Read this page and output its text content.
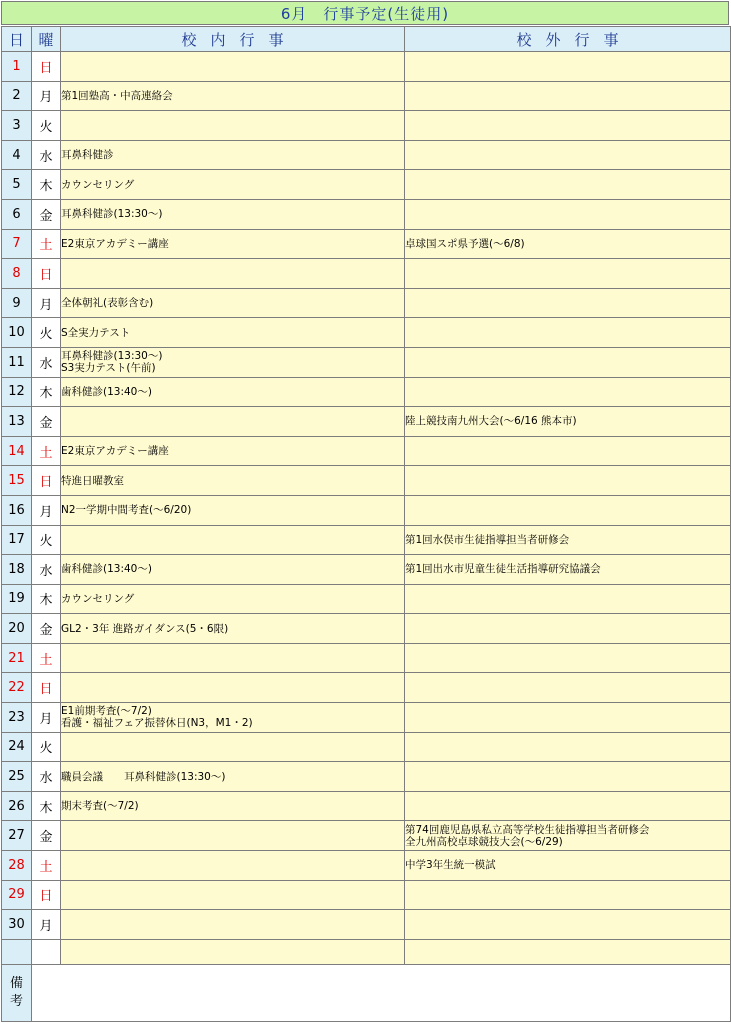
6月　行事予定(生徒用)
日	曜	校内行事	校外行事
1	日		
2	月	第1回塾高・中高連絡会	
3	火		
4	水	耳鼻科健診	
5	木	カウンセリング	
6	金	耳鼻科健診(13:30～)	
7	土	E2東京アカデミー講座	卓球国スポ県予選(～6/8)
8	日		
9	月	全体朝礼(表彰含む)	
10	火	S全実力テスト	
11	水	耳鼻科健診(13:30～)
S3実力テスト(午前)	
12	木	歯科健診(13:40～)	
13	金		陸上競技南九州大会(～6/16 熊本市)
14	土	E2東京アカデミー講座	
15	日	特進日曜教室	
16	月	N2一学期中間考査(～6/20)	
17	火		第1回水俣市生徒指導担当者研修会
18	水	歯科健診(13:40～)	第1回出水市児童生徒生活指導研究協議会
19	木	カウンセリング	
20	金	GL2・3年 進路ガイダンス(5・6限)	
21	土		
22	日		
23	月	E1前期考査(～7/2)
看護・福祉フェア振替休日(N3，M1・2)	
24	火		
25	水	職員会議　　耳鼻科健診(13:30～)	
26	木	期末考査(～7/2)	
27	金		第74回鹿児島県私立高等学校生徒指導担当者研修会
全九州高校卓球競技大会(～6/29)
28	土		中学3年生統一模試
29	日		
30	月		

備
考			
